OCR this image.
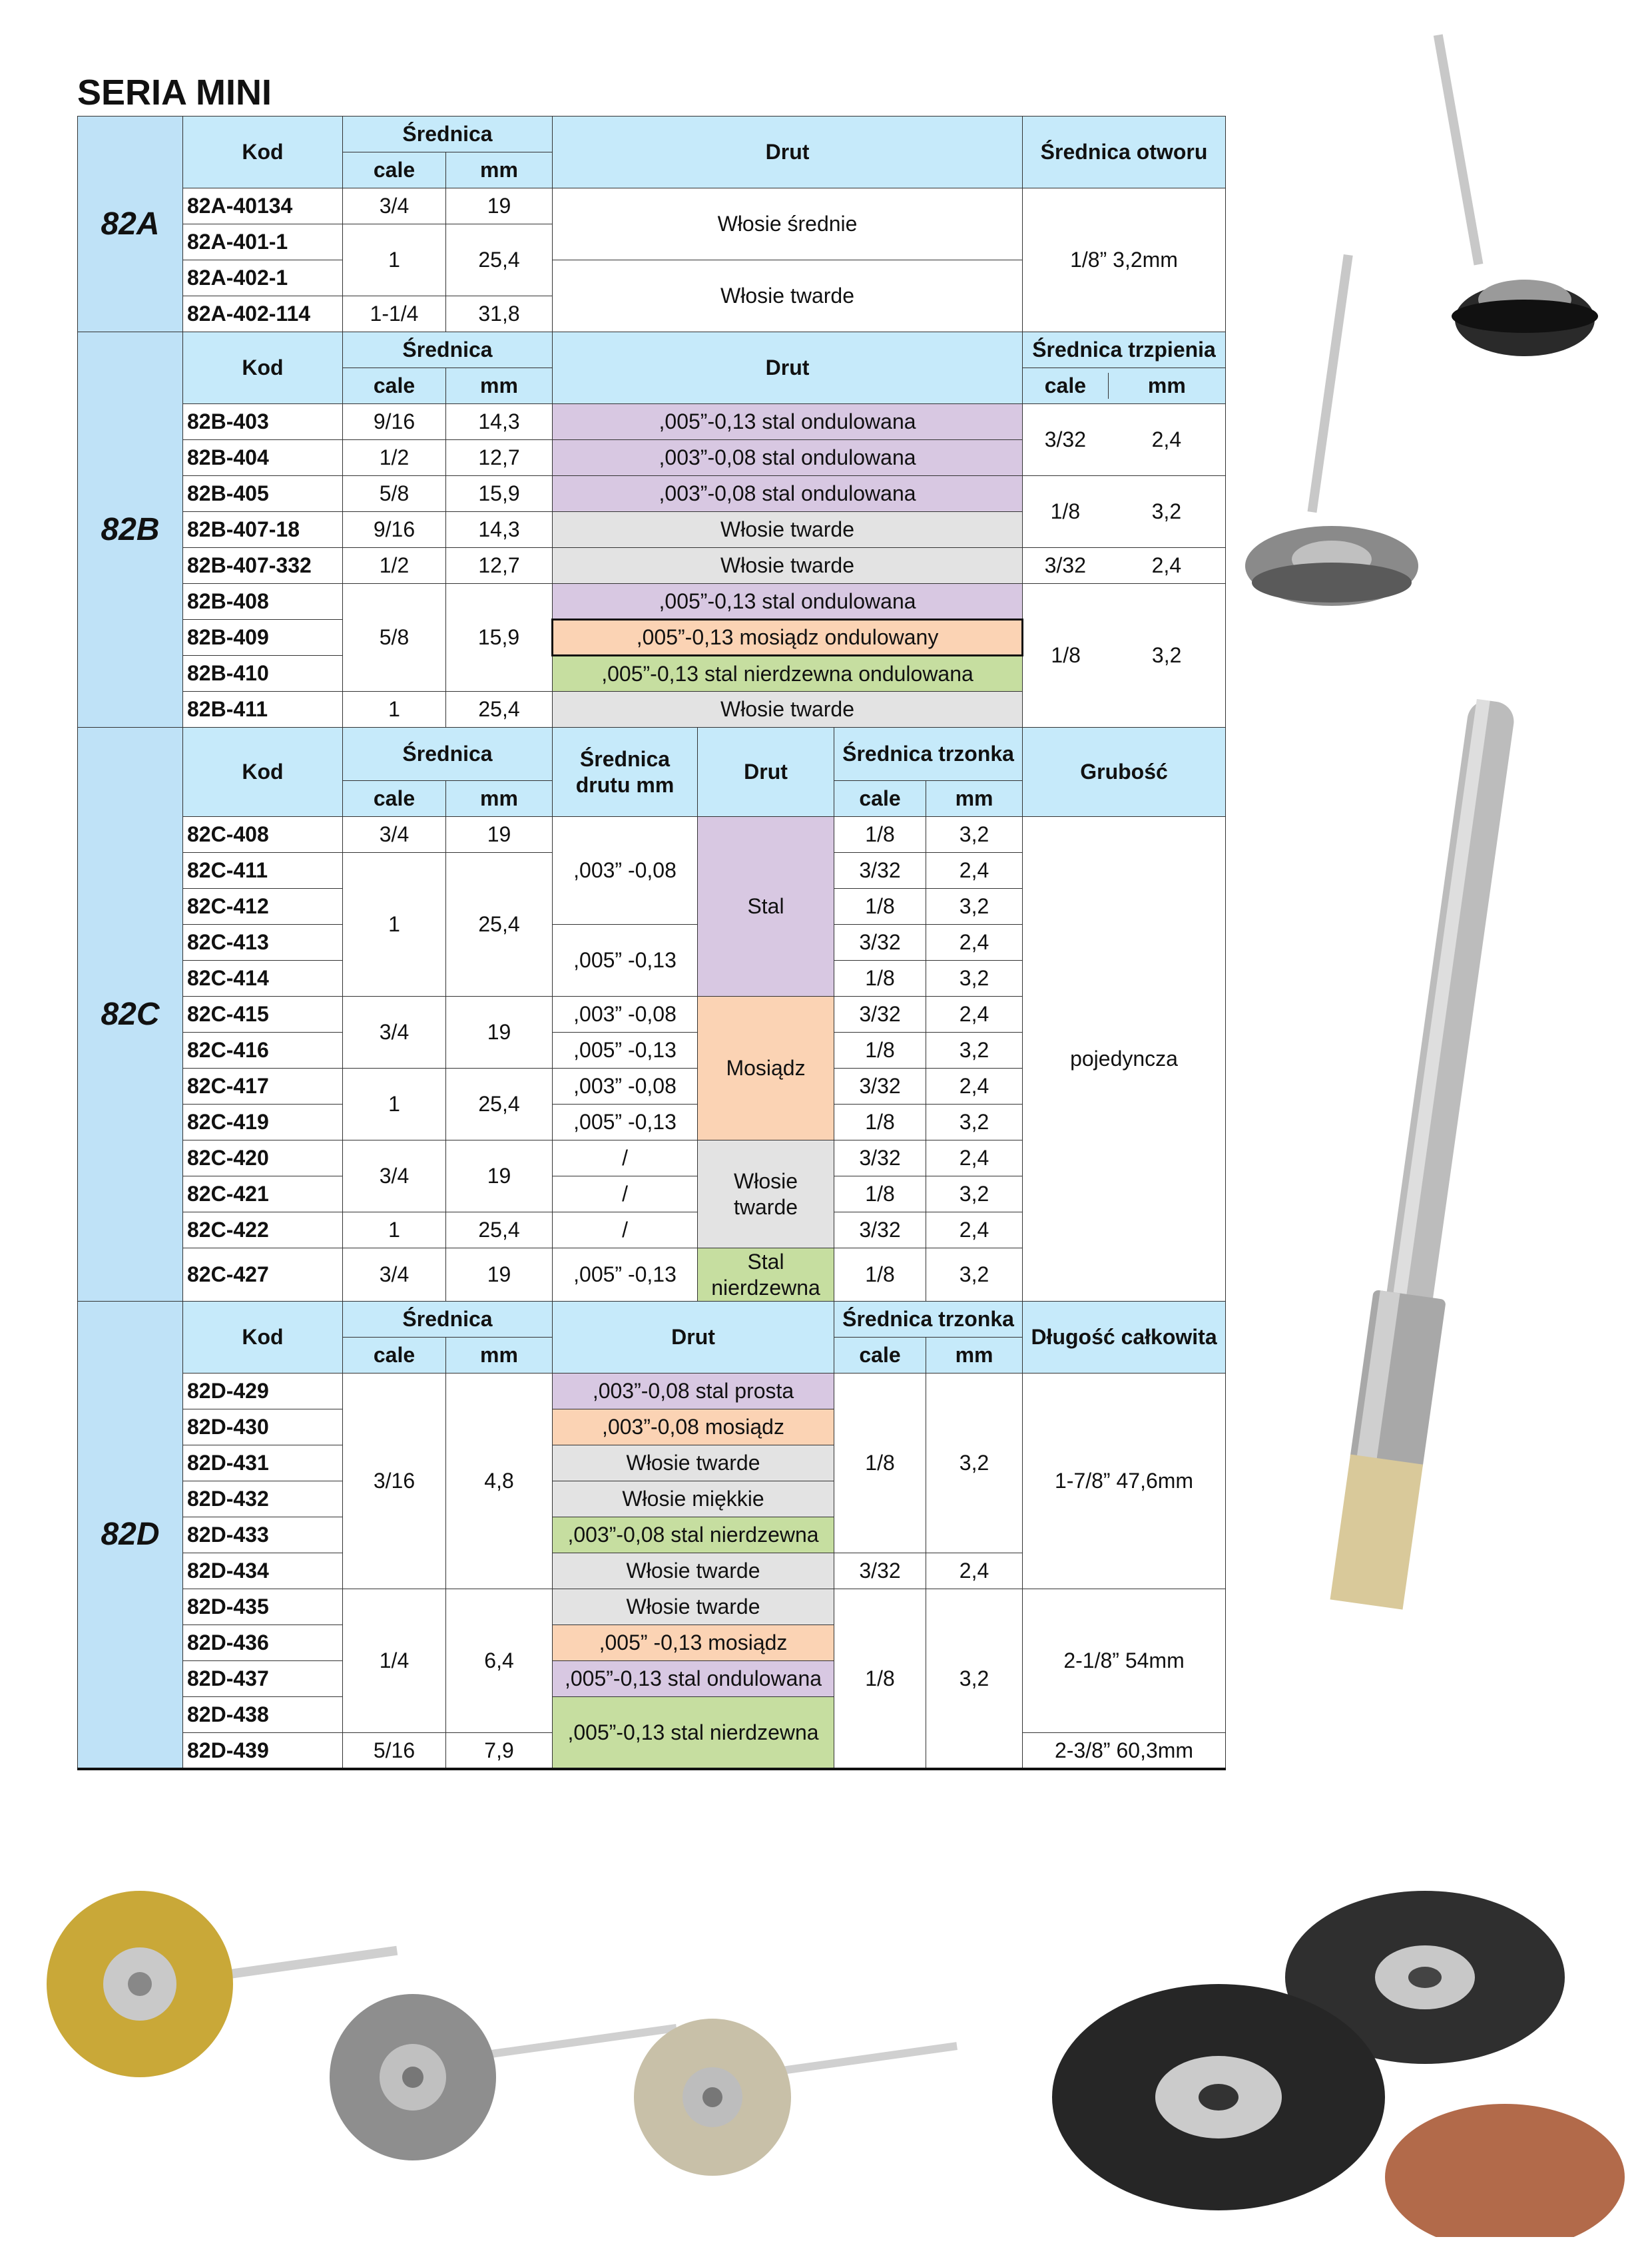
SERIA MINI
82A	Kod	Średnica		Drut				Średnica otworu
		cale	mm					
	82A-40134	3/4	19	Włosie średnie				1/8” 3,2mm
	82A-401-1	1	25,4					
	82A-402-1			Włosie twarde				
	82A-402-114	1-1/4	31,8					
82B	Kod	Średnica		Drut				Średnica trzpienia
		cale	mm					cale mm

	82B-403	9/16	14,3	,005”-0,13 stal ondulowana				3/32 2,4

	82B-404	1/2	12,7	,003”-0,08 stal ondulowana				
	82B-405	5/8	15,9	,003”-0,08 stal ondulowana				1/8 3,2

	82B-407-18	9/16	14,3	Włosie twarde				
	82B-407-332	1/2	12,7	Włosie twarde				3/32 2,4

	82B-408	5/8	15,9	,005”-0,13 stal ondulowana				1/8 3,2

	82B-409			,005”-0,13 mosiądz ondulowany				
	82B-410			,005”-0,13 stal nierdzewna ondulowana				
	82B-411	1	25,4	Włosie twarde				
82C	Kod	Średnica		Średnica drutu mm	Drut	Średnica trzonka		Grubość
		cale	mm			cale	mm	
	82C-408	3/4	19	,003” -0,08	Stal	1/8	3,2	pojedyncza
	82C-411	1	25,4			3/32	2,4	
	82C-412					1/8	3,2	
	82C-413			,005” -0,13		3/32	2,4	
	82C-414					1/8	3,2	
	82C-415	3/4	19	,003” -0,08	Mosiądz	3/32	2,4	
	82C-416			,005” -0,13		1/8	3,2	
	82C-417	1	25,4	,003” -0,08		3/32	2,4	
	82C-419			,005” -0,13		1/8	3,2	
	82C-420	3/4	19	/	Włosie twarde	3/32	2,4	
	82C-421			/		1/8	3,2	
	82C-422	1	25,4	/		3/32	2,4	
	82C-427	3/4	19	,005” -0,13	Stal nierdzewna	1/8	3,2	
82D	Kod	Średnica		Drut		Średnica trzonka		Długość całkowita
		cale	mm			cale	mm	
	82D-429	3/16	4,8	,003”-0,08 stal prosta		1/8	3,2	1-7/8” 47,6mm
	82D-430			,003”-0,08 mosiądz				
	82D-431			Włosie twarde				
	82D-432			Włosie miękkie				
	82D-433			,003”-0,08 stal nierdzewna				
	82D-434			Włosie twarde		3/32	2,4	
	82D-435	1/4	6,4	Włosie twarde		1/8	3,2	2-1/8” 54mm
	82D-436			,005” -0,13 mosiądz				
	82D-437			,005”-0,13 stal ondulowana				
	82D-438			,005”-0,13 stal nierdzewna				
	82D-439	5/16	7,9					2-3/8” 60,3mm
